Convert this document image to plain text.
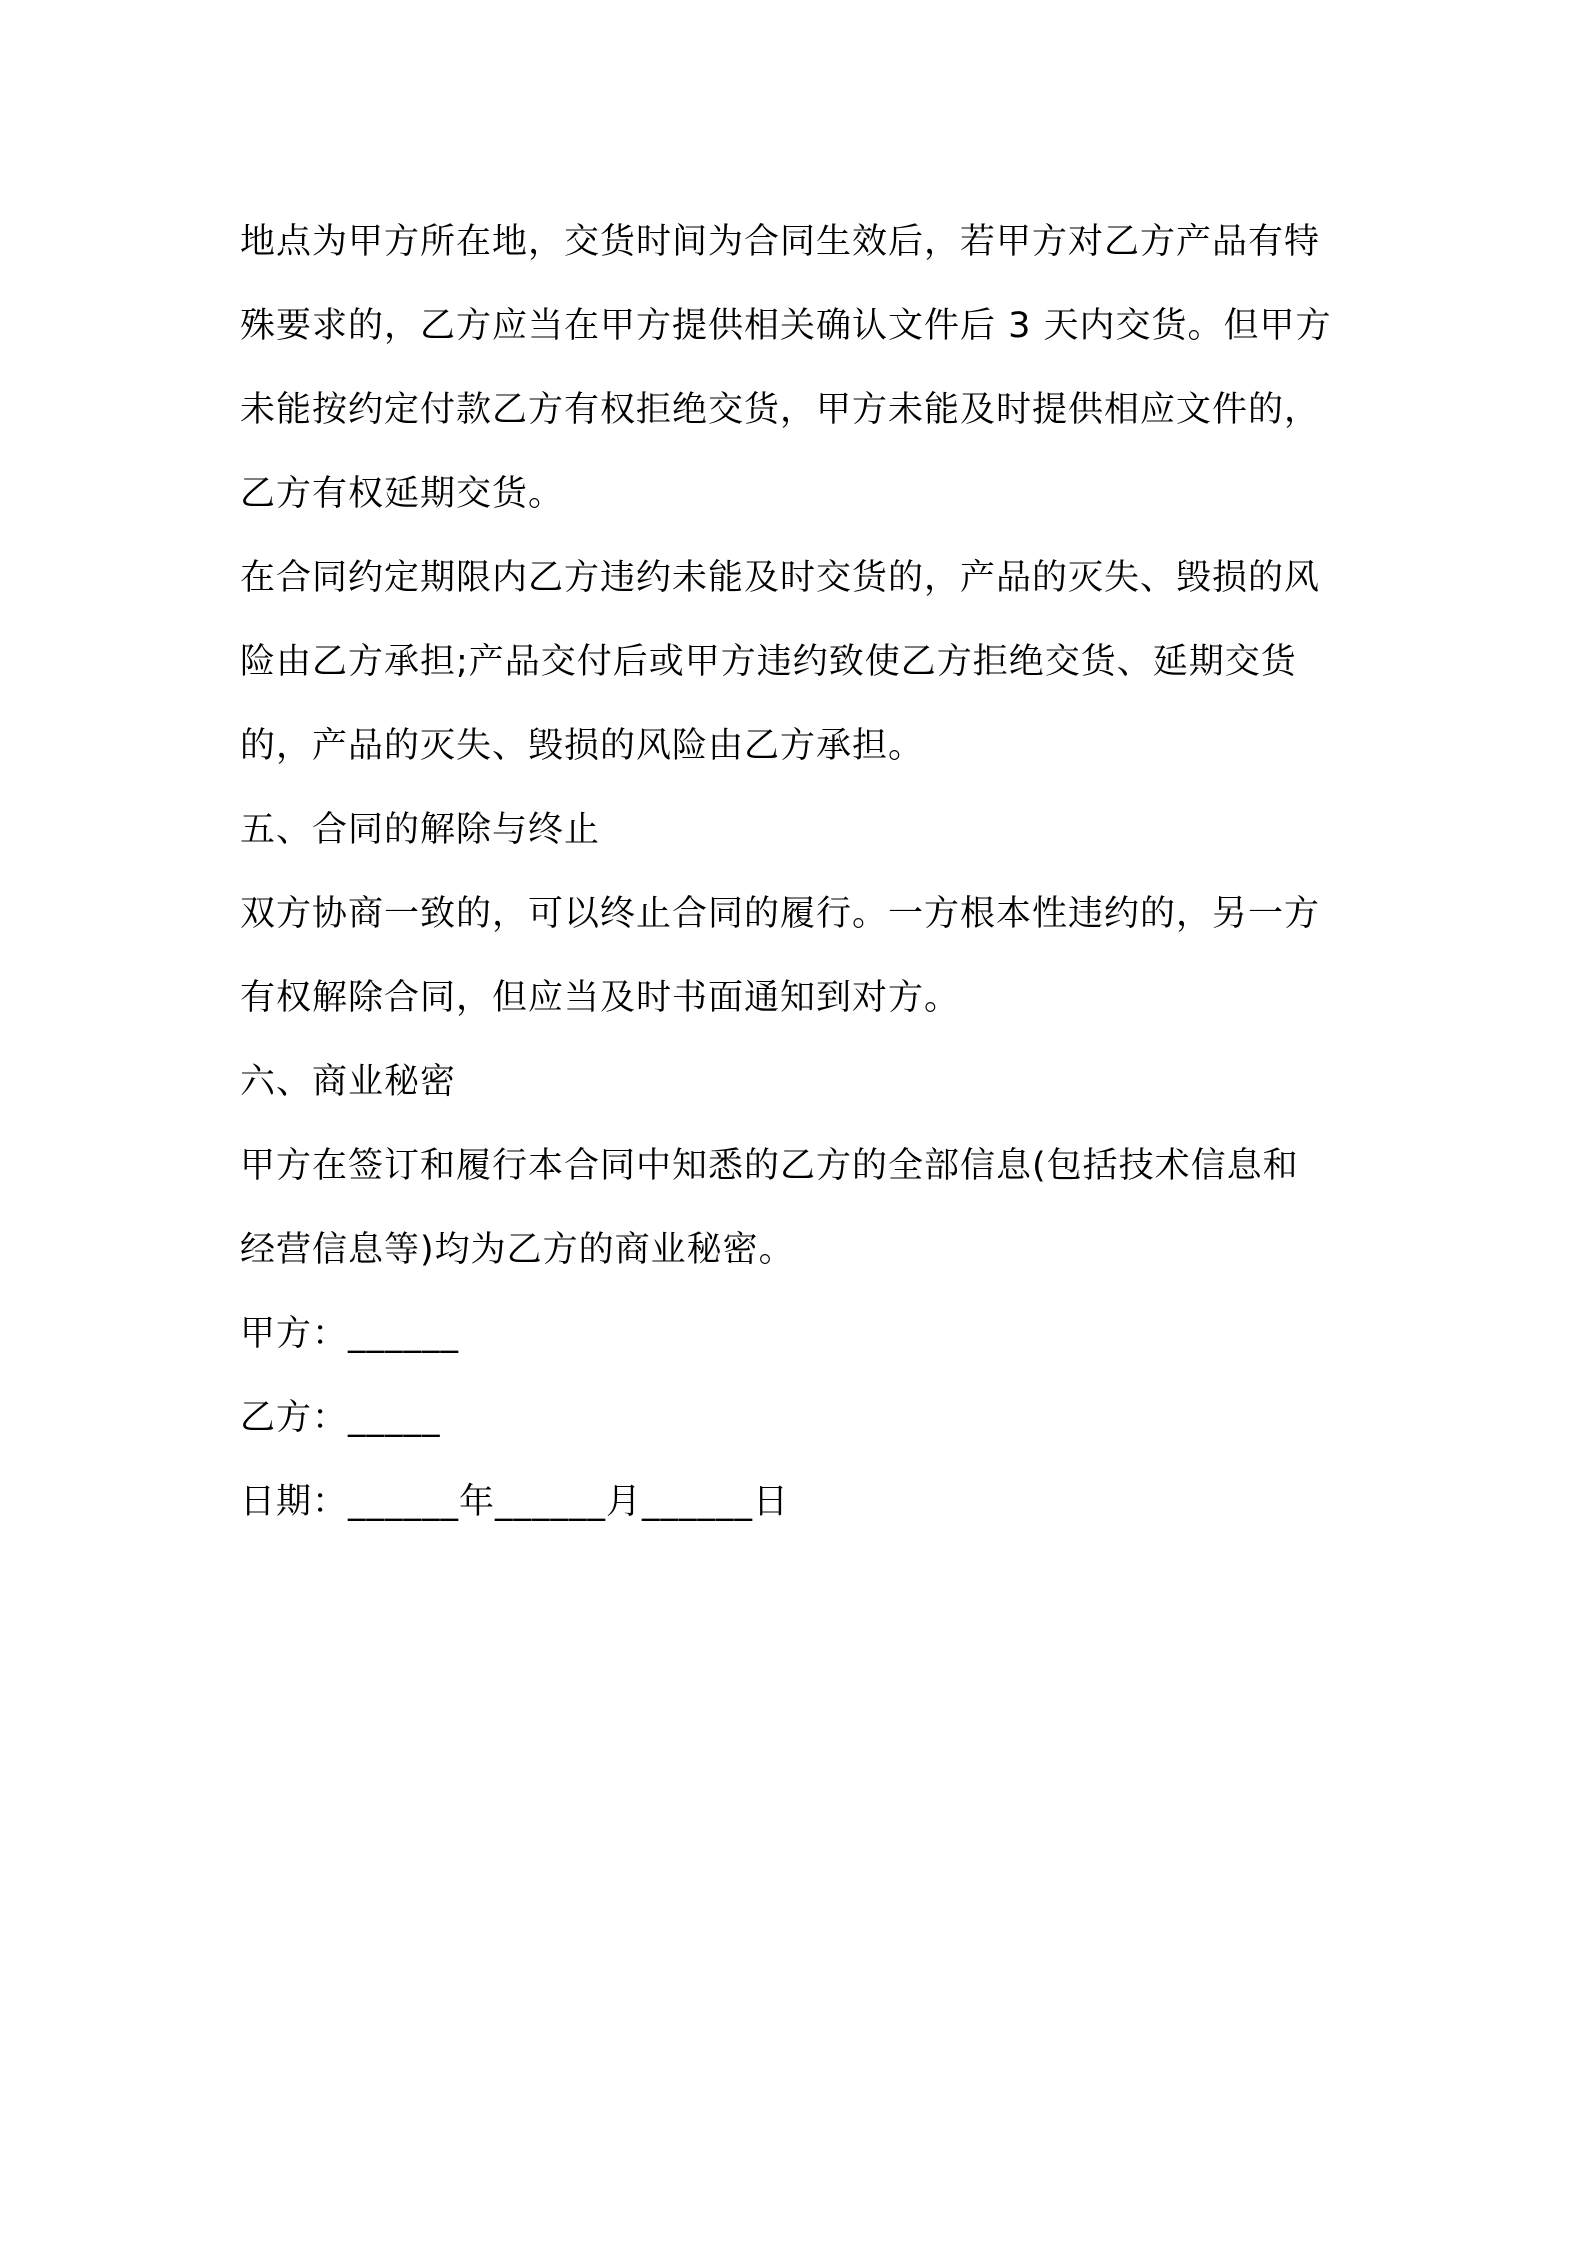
地点为甲方所在地，交货时间为合同生效后，若甲方对乙方产品有特
殊要求的，乙方应当在甲方提供相关确认文件后 3 天内交货。但甲方
未能按约定付款乙方有权拒绝交货，甲方未能及时提供相应文件的，
乙方有权延期交货。

在合同约定期限内乙方违约未能及时交货的，产品的灭失、毁损的风
险由乙方承担;产品交付后或甲方违约致使乙方拒绝交货、延期交货
的，产品的灭失、毁损的风险由乙方承担。

五、合同的解除与终止

双方协商一致的，可以终止合同的履行。一方根本性违约的，另一方
有权解除合同，但应当及时书面通知到对方。

六、商业秘密

甲方在签订和履行本合同中知悉的乙方的全部信息(包括技术信息和
经营信息等)均为乙方的商业秘密。

甲方：______

乙方：_____

日期：______年______月______日
